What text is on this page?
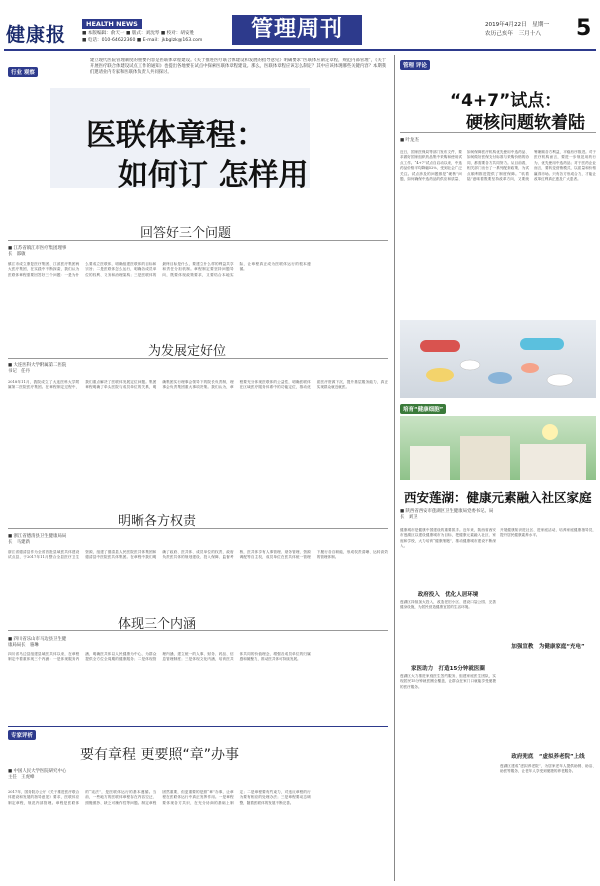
健康报	HEALTH NEWS
■ 本版编辑：俞天一 ■ 版式：刘沈琴 ■ 校对：胡安胜
■ 电话：010-64622360 ■ E-mail：jkbglzk@163.com	管理周刊	2019年4月22日　星期一
农历己亥年　三月十八 5
行业 观察
建立现代医院管理制度的重要内容是医联体章程建设。《关于推进医疗联合体建设和发展的指导意见》明确要求“医联体应制定章程，规范内部管理”，《关于开展医疗联合体建设试点工作的通知》也提出各地要在试点中探索医联体章程建设。那么，医联体章程应该怎么制定？其中应该体现哪些关键内容？本期我们邀请业内专家和医联体负责人共同探讨。
医联体章程：
如何订 怎样用
回答好三个问题
■ 江苏省镇江市医疗集团理事长　邵敏
镇江市成立康复医疗集团、江滨医疗集团两大医疗集团，在实践中不断探索，我们认为医联体章程需要回答好三个问题：一是为什么要成立医联体，明确组建医联体的目标和宗旨；二是医联体怎么运行，明确各成员单位的权利、义务和治理架构；三是医联体的最终目标是什么，要建立什么样的利益共享和责任分担机制。章程制定要坚持问题导向，既要体现政策要求，又要结合本地实际，让章程真正成为医联体运行的根本遵循。
为发展定好位
■ 大连医科大学附属第二医院书记　任丹
2018年11月，我院成立了大连医科大学附属第二医院医疗集团。在章程制定过程中，我们重点解决了医联体发展定位问题。集团章程明确了牵头医院与成员单位的关系，明确集团实行理事会领导下的院长负责制，理事会负责集团重大事项决策。我们认为，章程要充分体现医联体的公益性，明确医联体在区域医疗服务体系中的功能定位，推动优质医疗资源下沉，提升基层服务能力，真正实现群众就近就医。
明晰各方权责
■ 浙江省德清县卫生健康局局长　马建新
浙江省德清县作为全省首批县域医共体建设试点县，于2017年11月整合全县医疗卫生资源，组建了德清县人民医院医共体集团和德清县中医院医共体集团。在章程中我们明确了政府、医共体、成员单位的权责，政府负责医共体的规划建设、投入保障、监督考核，医共体享有人事管理、财务管理、资源调配等自主权，成员单位在医共体统一管理下履行各自职能，形成权责清晰、运转高效的管理体制。
体现三个内涵
■ 四川省乐山市马边县卫生健康局局长　骆琳
四川省马边县组建县域医共体以来，在章程制定中着重体现三个内涵：一是体现服务内涵，明确医共体以人民健康为中心，为群众提供全方位全周期的健康服务；二是体现管理内涵，建立统一的人事、财务、药品、信息管理制度；三是体现文化内涵，培育医共体共同的价值理念，增强各成员单位的归属感和凝聚力，推动医共体可持续发展。
专家评析
要有章程 更要照“章”办事
■ 中国人民大学医院研究中心主任　王虎峰
2017年，国务院办公厅《关于推进医疗联合体建设和发展的指导意见》要求，医联体应制定章程，规范内部管理。章程是医联体的“宪法”，是医联体运行的基本遵循。当前，一些地方的医联体章程存在内容空泛、照搬照抄、缺乏可操作性等问题。制定章程固然重要，但更重要的是照“章”办事，让章程在医联体运行中真正发挥作用。一是章程要体现各方共识，在充分协商的基础上制定；二是章程要有约束力，对违反章程的行为要有相应的处理办法；三是章程要动态调整，随着医联体的发展不断完善。
管理 评论
“4+7”试点：
硬核问题软着陆
■ 叶龙杰
近日，国家医保局等部门发布文件，要求做好国家组织药品集中采购和使用试点工作。“4+7”试点自启动以来，中选药品价格平均降幅52%，受到社会广泛关注。试点涉及的问题都是“硬核”问题，如何确保中选药品的供应和质量、如何保障医疗机构优先使用中选药品、如何做好医保支付标准与采购价格的协同，都需要各方共同努力。从目前看，相关部门出台了一系列配套政策，为试点顺利推进提供了制度保障。“软着陆”意味着既要坚持改革方向，又要统筹兼顾各方利益，平稳有序推进。对于医疗机构而言，要进一步规范用药行为，优先使用中选药品；对于医药企业而言，要转变营销模式，以质量和价格赢得市场。只有各方形成合力，才能让改革红利真正惠及广大患者。
培育“健康细胞”
西安莲湖：健康元素融入社区家庭
■ 陕西省西安市莲湖区卫生健康局党委书记、局长　刘卫
健康城市是健康中国建设的重要抓手。近年来，陕西省西安市莲湖区以建设健康城市为目标，把健康元素融入社区、家庭和学校，大力培育“健康细胞”，推动健康城市建设不断深入。
政府投入　优化人居环境
莲湖区持续加大投入，改造老旧小区、建设口袋公园、完善健身设施，为居民营造健康宜居的生活环境。
家医助力　打造15分钟就医圈
莲湖区大力推进家庭医生签约服务，组建家庭医生团队，实现居民15分钟就医圈全覆盖，让群众在家门口就能享受便捷的医疗服务。
开展健康知识进社区、进家庭活动，培养家庭健康指导员，提升居民健康素养水平。
加强宣教　为健康家庭“充电”
政府兜底　“虚拟养老院”上线
莲湖区建成“虚拟养老院”，为居家老年人提供助餐、助洁、助医等服务，让老年人享受到便捷的养老服务。
